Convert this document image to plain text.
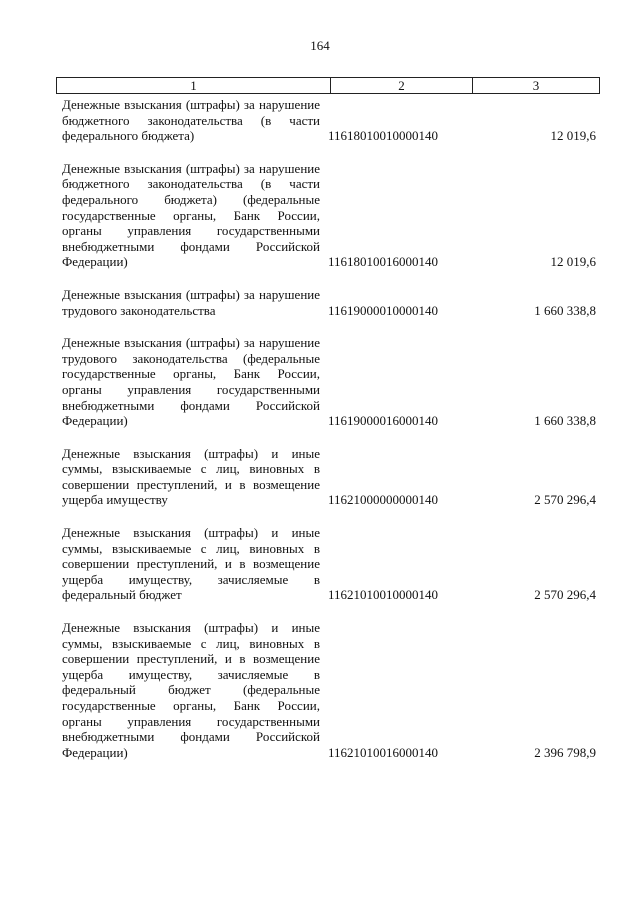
164
1	2	3
Денежные взыскания (штрафы) за нарушение бюджетного законодательства (в части федерального бюджета)	11618010010000140	12 019,6
Денежные взыскания (штрафы) за нарушение бюджетного законодательства (в части федерального бюджета) (федеральные государственные органы, Банк России, органы управления государственными внебюджетными фондами Российской Федерации)	11618010016000140	12 019,6
Денежные взыскания (штрафы) за нарушение трудового законодательства	11619000010000140	1 660 338,8
Денежные взыскания (штрафы) за нарушение трудового законодательства (федеральные государственные органы, Банк России, органы управления государственными внебюджетными фондами Российской Федерации)	11619000016000140	1 660 338,8
Денежные взыскания (штрафы) и иные суммы, взыскиваемые с лиц, виновных в совершении преступлений, и в возмещение ущерба имуществу	11621000000000140	2 570 296,4
Денежные взыскания (штрафы) и иные суммы, взыскиваемые с лиц, виновных в совершении преступлений, и в возмещение ущерба имуществу, зачисляемые в федеральный бюджет	11621010010000140	2 570 296,4
Денежные взыскания (штрафы) и иные суммы, взыскиваемые с лиц, виновных в совершении преступлений, и в возмещение ущерба имуществу, зачисляемые в федеральный бюджет (федеральные государственные органы, Банк России, органы управления государственными внебюджетными фондами Российской Федерации)	11621010016000140	2 396 798,9
